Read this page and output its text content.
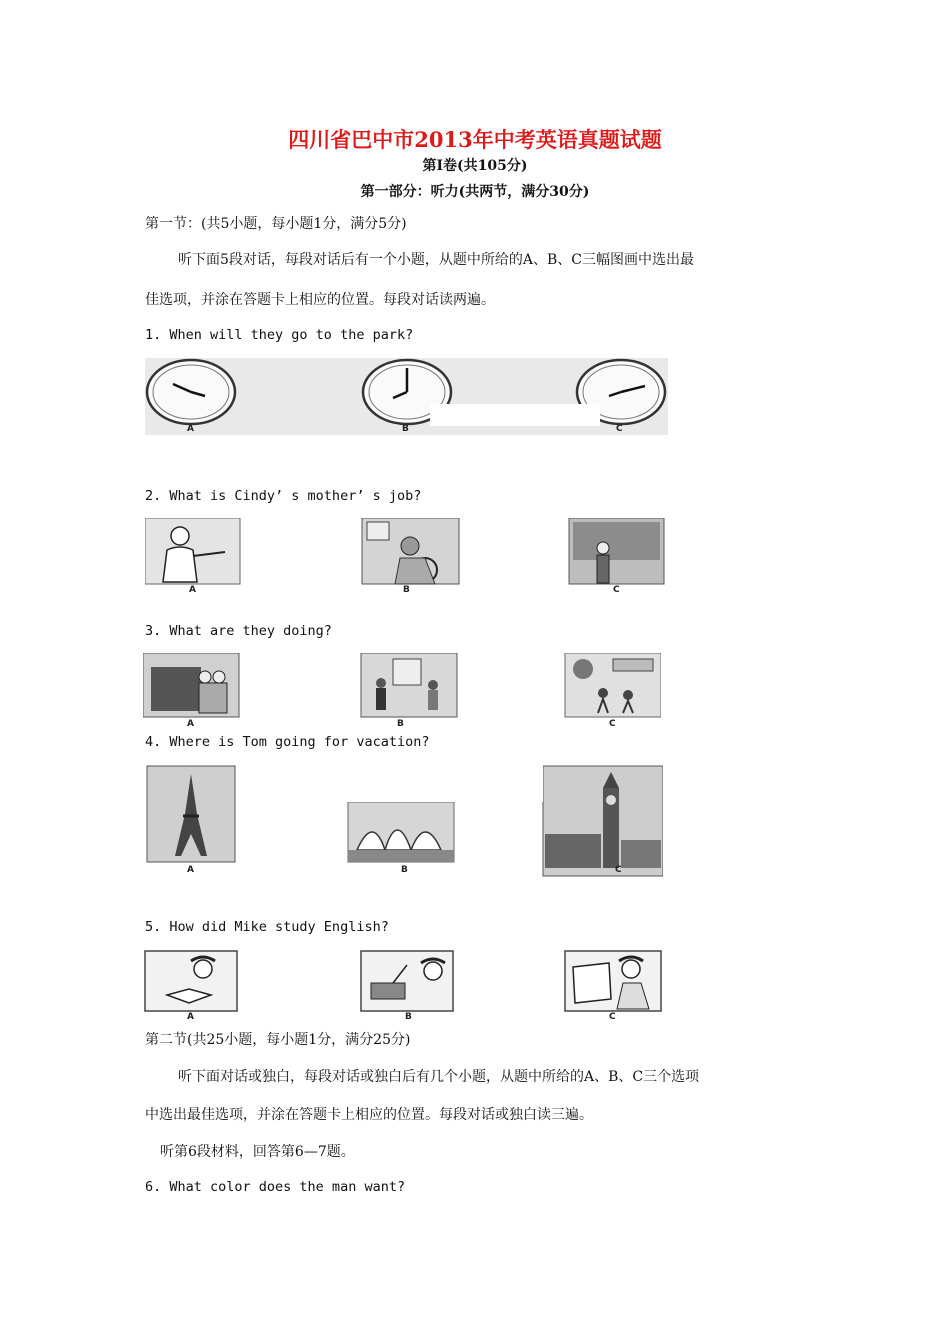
四川省巴中市2013年中考英语真题试题
第Ⅰ卷(共105分)
第一部分：听力(共两节，满分30分)
第一节：(共5小题，每小题1分，满分5分)
听下面5段对话，每段对话后有一个小题，从题中所给的A、B、C三幅图画中选出最
佳选项，并涂在答题卡上相应的位置。每段对话读两遍。
1. When will they go to the park?
A	B	C
2. What is Cindy’ s mother’ s job?
A	B	C
3. What are they doing?
A	B	C
4. Where is Tom going for vacation?
A	B	C
5. How did Mike study English?
A	B	C
第二节(共25小题，每小题1分，满分25分)
听下面对话或独白，每段对话或独白后有几个小题，从题中所给的A、B、C三个选项
中选出最佳选项，并涂在答题卡上相应的位置。每段对话或独白读三遍。
听第6段材料，回答第6—7题。
6. What color does the man want?
